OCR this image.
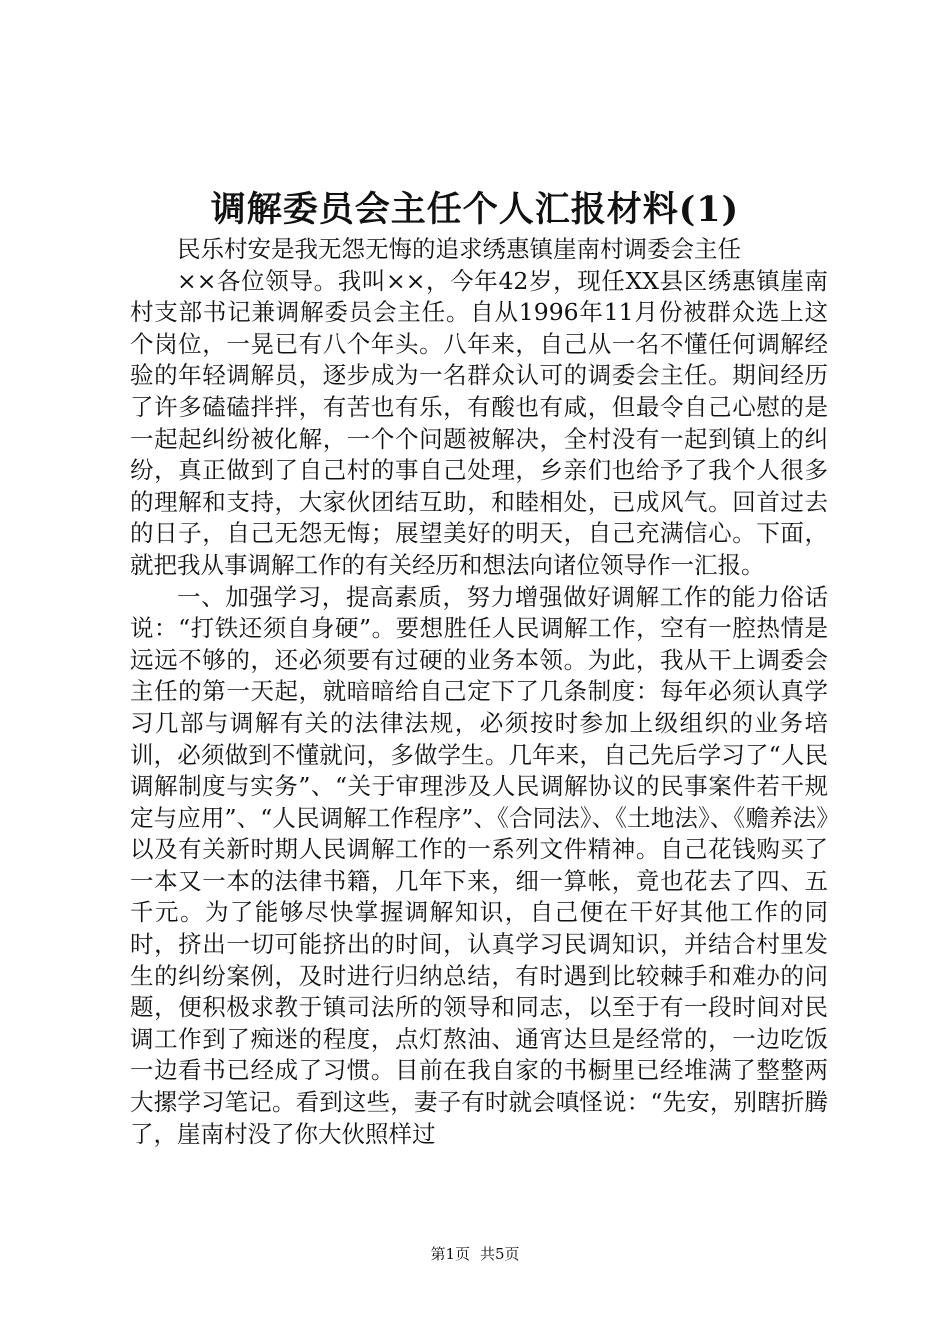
调解委员会主任个人汇报材料(1)

民乐村安是我无怨无悔的追求绣惠镇崖南村调委会主任

××各位领导。我叫××，今年42岁，现任XX县区绣惠镇崖南村支部书记兼调解委员会主任。自从1996年11月份被群众选上这个岗位，一晃已有八个年头。八年来，自己从一名不懂任何调解经验的年轻调解员，逐步成为一名群众认可的调委会主任。期间经历了许多磕磕拌拌，有苦也有乐，有酸也有咸，但最令自己心慰的是一起起纠纷被化解，一个个问题被解决，全村没有一起到镇上的纠纷，真正做到了自己村的事自己处理，乡亲们也给予了我个人很多的理解和支持，大家伙团结互助，和睦相处，已成风气。回首过去的日子，自己无怨无悔；展望美好的明天，自己充满信心。下面，就把我从事调解工作的有关经历和想法向诸位领导作一汇报。

一、加强学习，提高素质，努力增强做好调解工作的能力俗话说：“打铁还须自身硬”。要想胜任人民调解工作，空有一腔热情是远远不够的，还必须要有过硬的业务本领。为此，我从干上调委会主任的第一天起，就暗暗给自己定下了几条制度：每年必须认真学习几部与调解有关的法律法规，必须按时参加上级组织的业务培训，必须做到不懂就问，多做学生。几年来，自己先后学习了“人民调解制度与实务”、“关于审理涉及人民调解协议的民事案件若干规定与应用”、“人民调解工作程序”、《合同法》、《土地法》、《赡养法》以及有关新时期人民调解工作的一系列文件精神。自己花钱购买了一本又一本的法律书籍，几年下来，细一算帐，竟也花去了四、五千元。为了能够尽快掌握调解知识，自己便在干好其他工作的同时，挤出一切可能挤出的时间，认真学习民调知识，并结合村里发生的纠纷案例，及时进行归纳总结，有时遇到比较棘手和难办的问题，便积极求教于镇司法所的领导和同志，以至于有一段时间对民调工作到了痴迷的程度，点灯熬油、通宵达旦是经常的，一边吃饭一边看书已经成了习惯。目前在我自家的书橱里已经堆满了整整两大摞学习笔记。看到这些，妻子有时就会嗔怪说：“先安，别瞎折腾了，崖南村没了你大伙照样过

第1页 共5页
